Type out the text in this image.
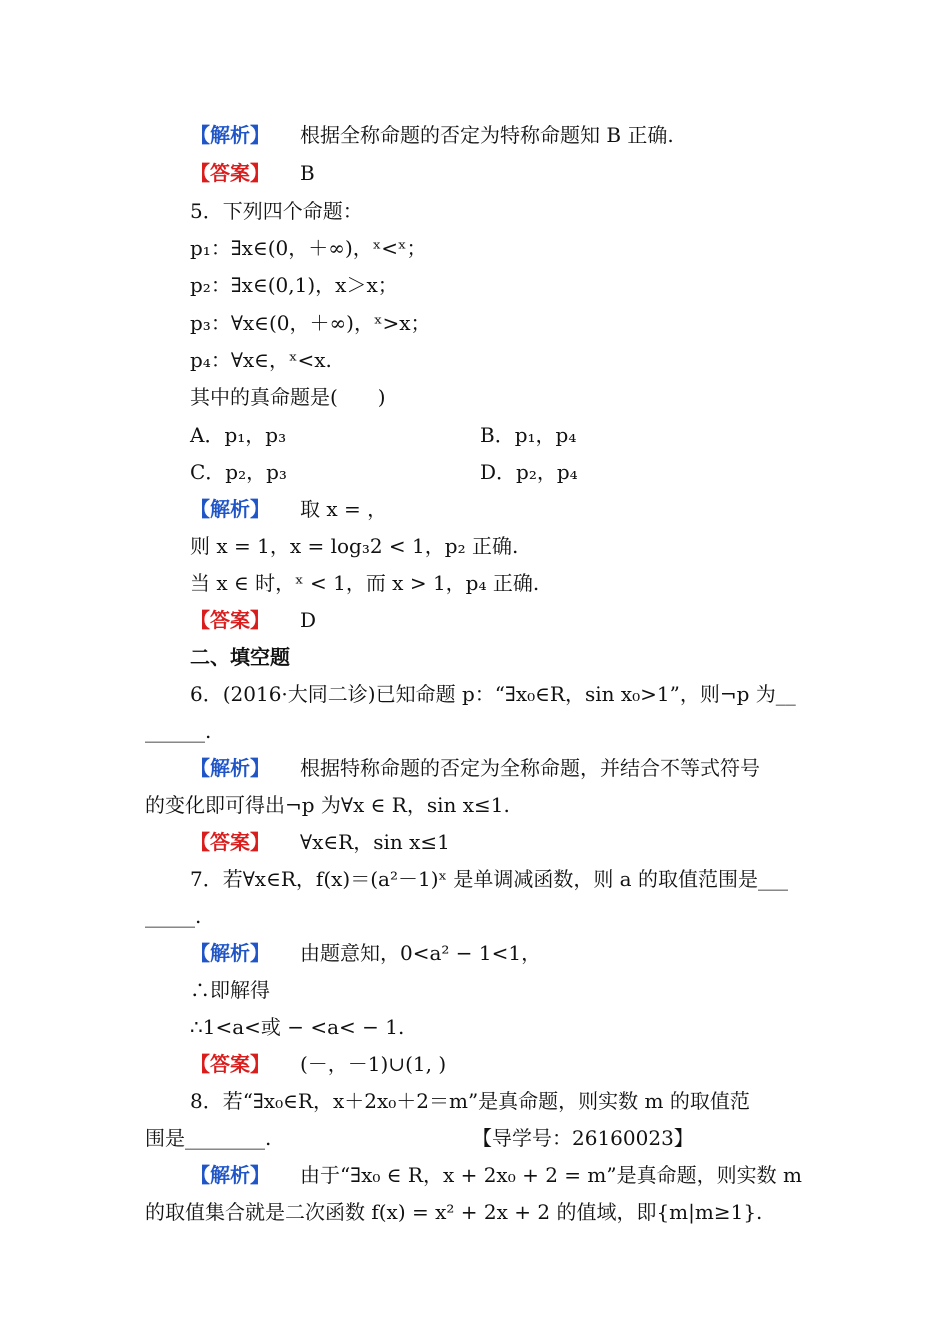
【解析】 根据全称命题的否定为特称命题知 B 正确.
【答案】 B
5．下列四个命题：
p₁：∃x∈(0，＋∞)，ˣ<ˣ；
p₂：∃x∈(0,1)，x＞x；
p₃：∀x∈(0，＋∞)，ˣ>x；
p₄：∀x∈，ˣ<x.
其中的真命题是(　　)
A．p₁，p₃	B．p₁，p₄
C．p₂，p₃	D．p₂，p₄
【解析】 取 x = ，
则 x = 1，x = log₃2 < 1，p₂ 正确.
当 x ∈ 时，ˣ < 1，而 x > 1，p₄ 正确.
【答案】 D
二、填空题
6．(2016·大同二诊)已知命题 p：“∃x₀∈R，sin x₀>1”，则¬p 为__
______.
【解析】 根据特称命题的否定为全称命题，并结合不等式符号
的变化即可得出¬p 为∀x ∈ R，sin x≤1.
【答案】 ∀x∈R，sin x≤1
7．若∀x∈R，f(x)＝(a²－1)ˣ 是单调减函数，则 a 的取值范围是___
_____.
【解析】 由题意知，0<a² − 1<1，
∴即解得
∴1<a<或 − <a< − 1.
【答案】 (－，－1)∪(1, )
8．若“∃x₀∈R，x＋2x₀＋2＝m”是真命题，则实数 m 的取值范
围是________.	【导学号：26160023】
【解析】 由于“∃x₀ ∈ R，x + 2x₀ + 2 = m”是真命题，则实数 m
的取值集合就是二次函数 f(x) = x² + 2x + 2 的值域，即{m|m≥1}.
